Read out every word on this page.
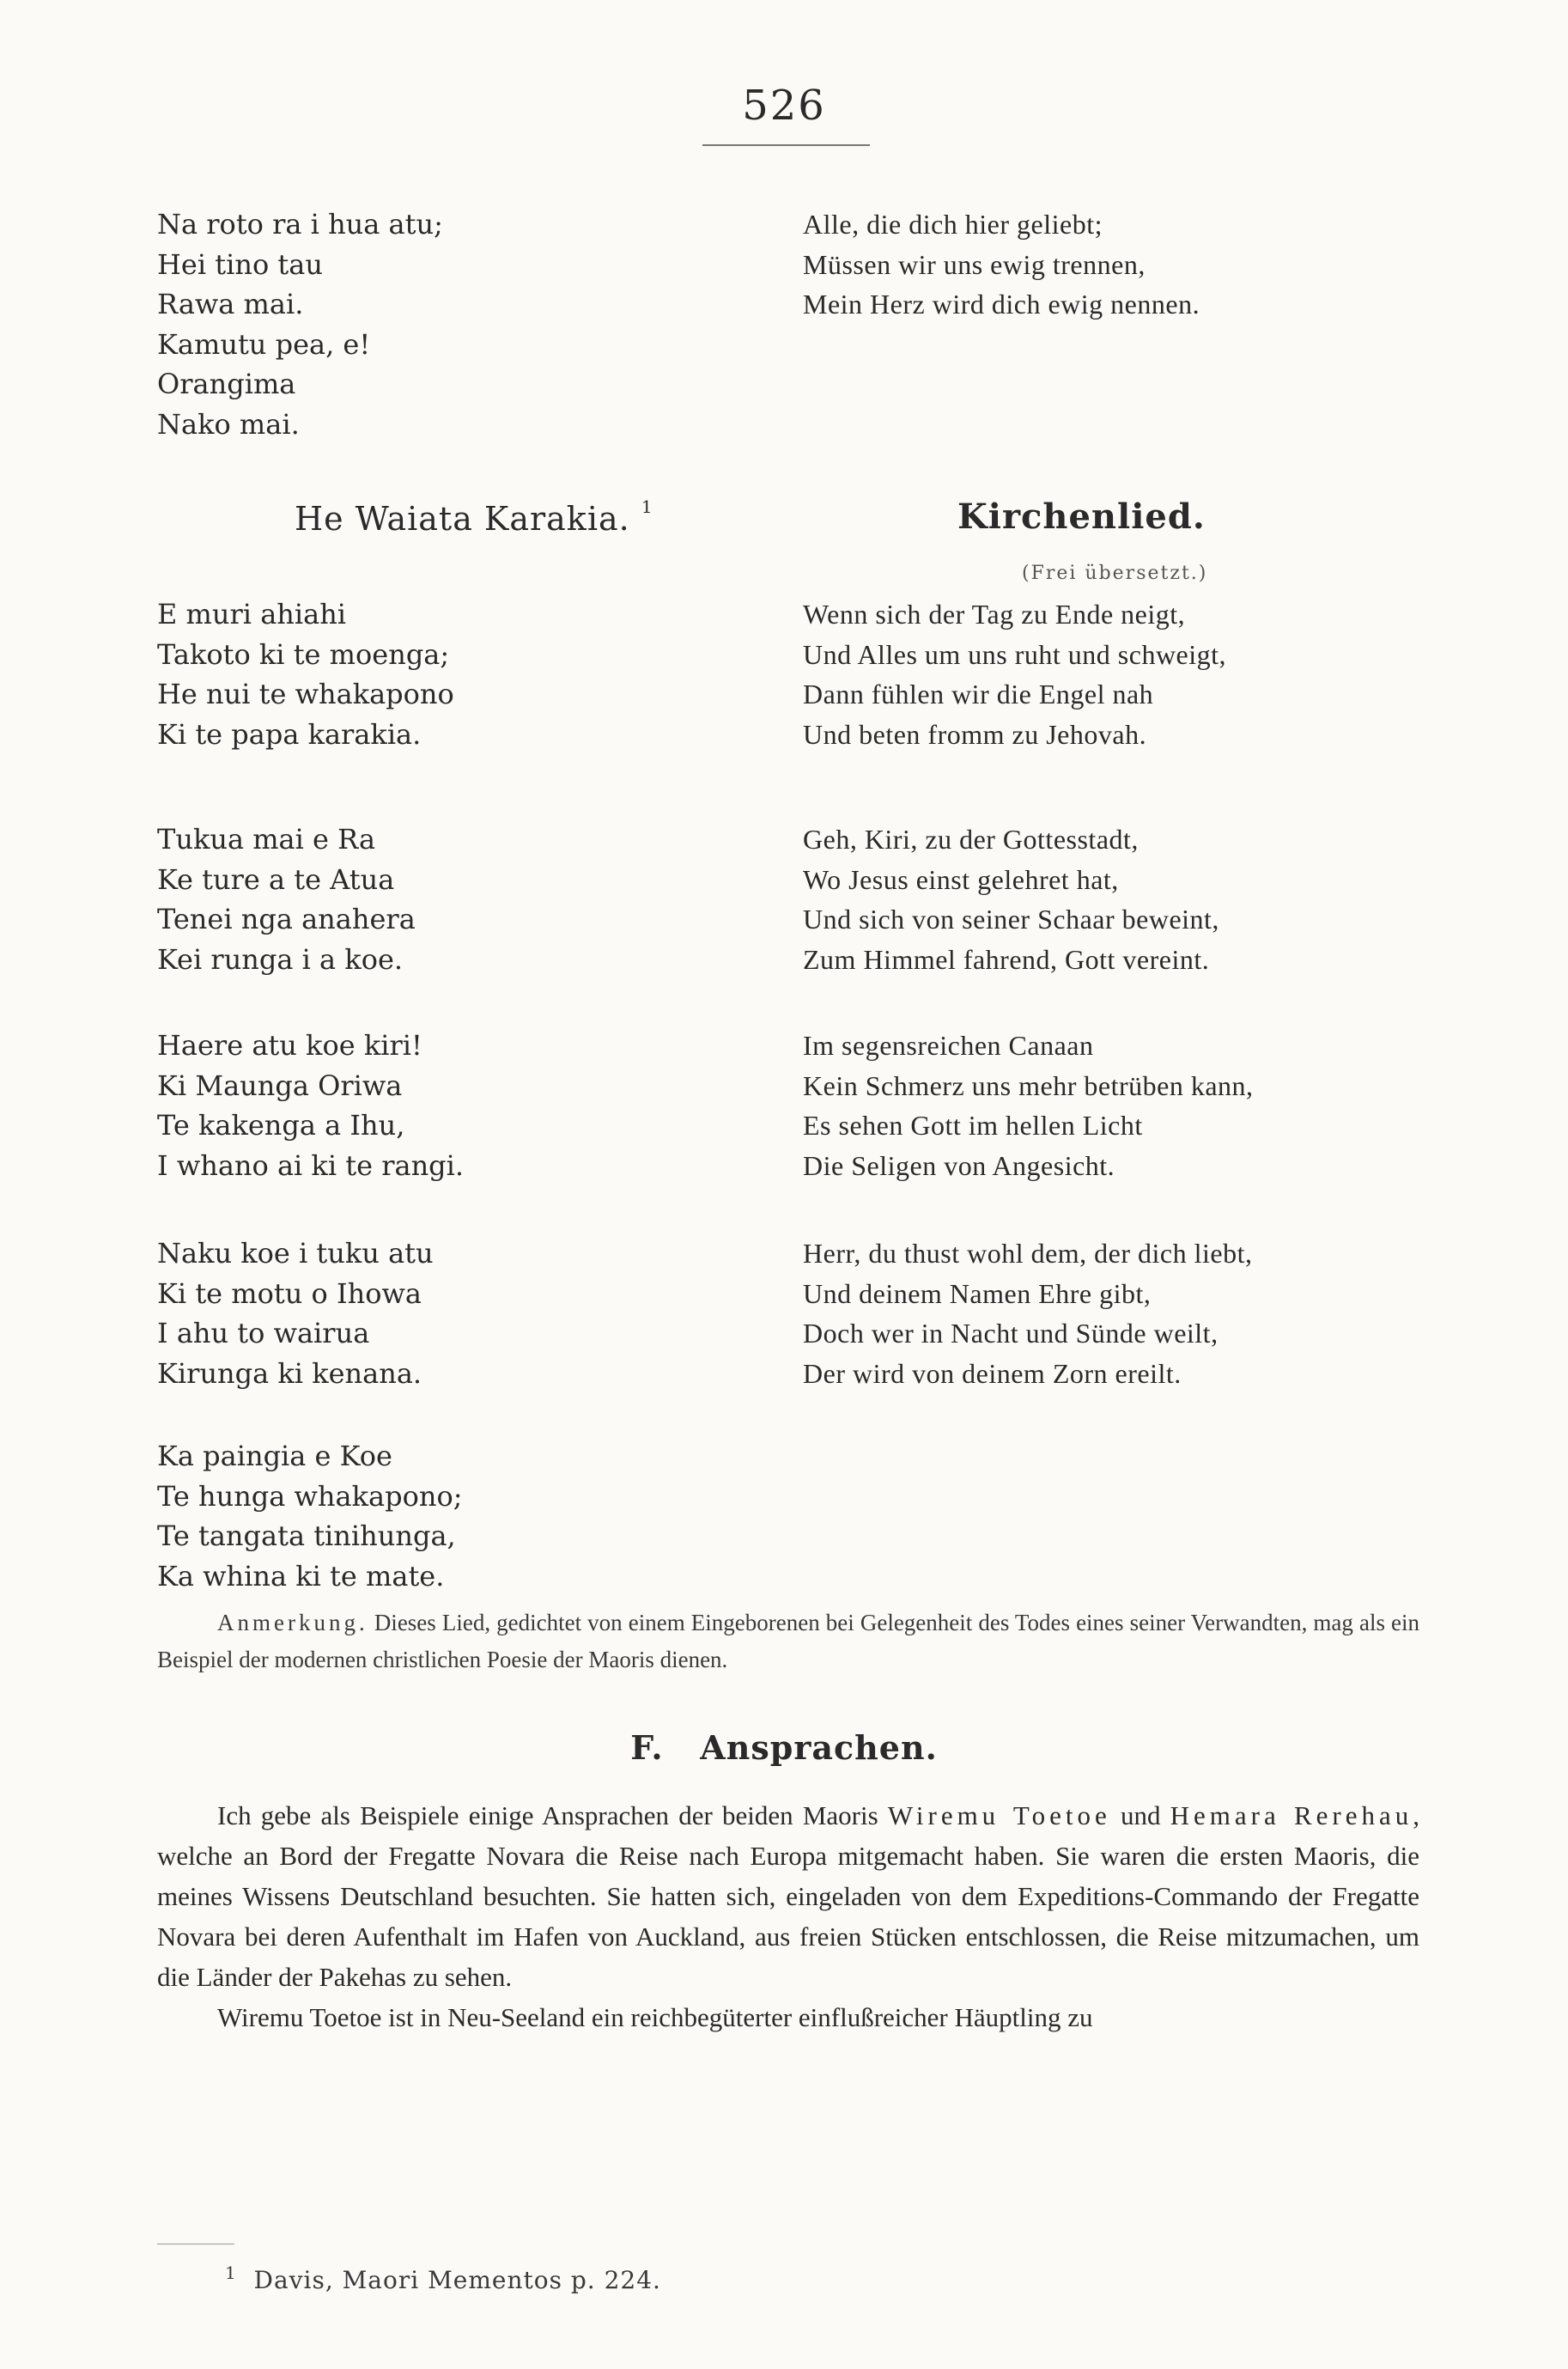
526

Na roto ra i hua atu;

Hei tino tau

Rawa mai.

Kamutu pea, e!

Orangima

Nako mai.

Alle, die dich hier geliebt;

Müssen wir uns ewig trennen,

Mein Herz wird dich ewig nennen.

He Waiata Karakia. $^1$	Kirchenlied.
(Frei übersetzt.)

E muri ahiahi

Takoto ki te moenga;

He nui te whakapono

Ki te papa karakia.

Tukua mai e Ra

Ke ture a te Atua

Tenei nga anahera

Kei runga i a koe.

Haere atu koe kiri!

Ki Maunga Oriwa

Te kakenga a Ihu,

I whano ai ki te rangi.

Naku koe i tuku atu

Ki te motu o Ihowa

I ahu to wairua

Kirunga ki kenana.

Ka paingia e Koe

Te hunga whakapono;

Te tangata tinihunga,

Ka whina ki te mate.

Wenn sich der Tag zu Ende neigt,

Und Alles um uns ruht und schweigt,

Dann fühlen wir die Engel nah

Und beten fromm zu Jehovah.

Geh, Kiri, zu der Gottesstadt,

Wo Jesus einst gelehret hat,

Und sich von seiner Schaar beweint,

Zum Himmel fahrend, Gott vereint.

Im segensreichen Canaan

Kein Schmerz uns mehr betrüben kann,

Es sehen Gott im hellen Licht

Die Seligen von Angesicht.

Herr, du thust wohl dem, der dich liebt,

Und deinem Namen Ehre gibt,

Doch wer in Nacht und Sünde weilt,

Der wird von deinem Zorn ereilt.

Anmerkung. Dieses Lied, gedichtet von einem Eingeborenen bei Gelegenheit des Todes eines seiner Verwandten, mag als ein Beispiel der modernen christlichen Poesie der Maoris dienen.
F. Ansprachen.

Ich gebe als Beispiele einige Ansprachen der beiden Maoris Wiremu Toetoe und Hemara Rerehau, welche an Bord der Fregatte Novara die Reise nach Europa mitgemacht haben. Sie waren die ersten Maoris, die meines Wissens Deutschland besuchten. Sie hatten sich, eingeladen von dem Expeditions-Commando der Fregatte Novara bei deren Aufenthalt im Hafen von Auckland, aus freien Stücken entschlossen, die Reise mitzumachen, um die Länder der Pakehas zu sehen.

Wiremu Toetoe ist in Neu-Seeland ein reichbegüterter einflußreicher Häuptling zu

$^1$ Davis, Maori Mementos p. 224.
